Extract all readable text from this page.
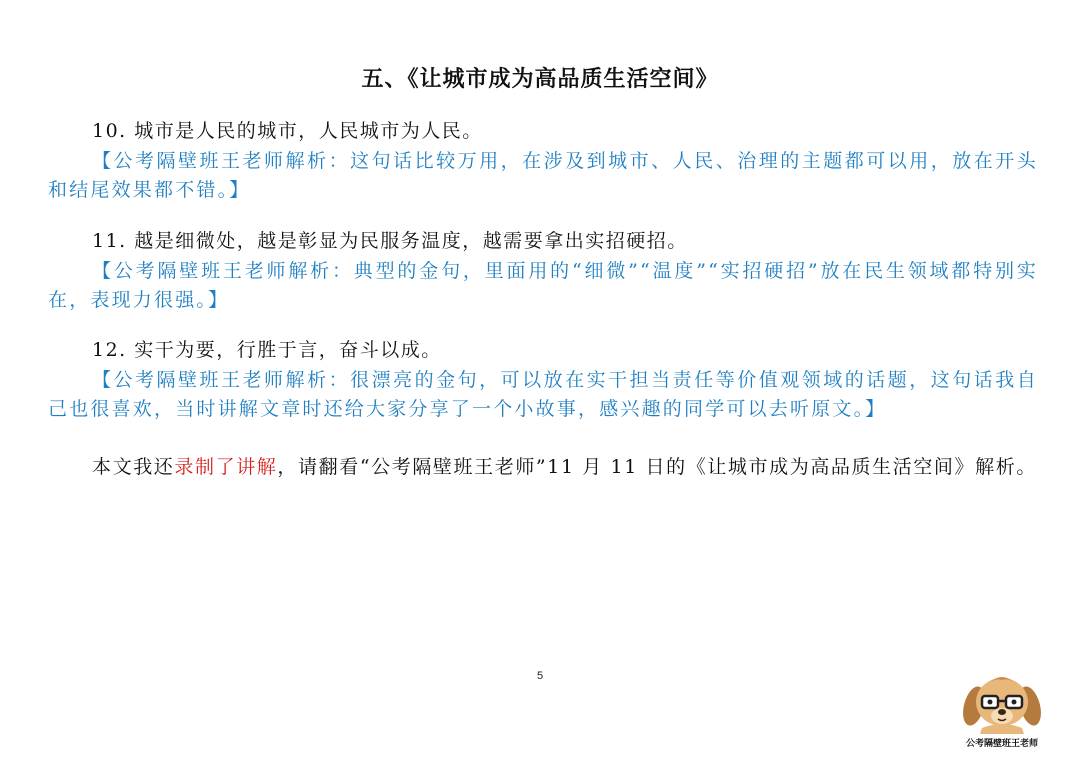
五、《让城市成为高品质生活空间》
10. 城市是人民的城市，人民城市为人民。
【公考隔壁班王老师解析：这句话比较万用，在涉及到城市、人民、治理的主题都可以用，放在开头和结尾效果都不错。】
11. 越是细微处，越是彰显为民服务温度，越需要拿出实招硬招。
【公考隔壁班王老师解析：典型的金句，里面用的“细微”“温度”“实招硬招”放在民生领域都特别实在，表现力很强。】
12. 实干为要，行胜于言，奋斗以成。
【公考隔壁班王老师解析：很漂亮的金句，可以放在实干担当责任等价值观领域的话题，这句话我自己也很喜欢，当时讲解文章时还给大家分享了一个小故事，感兴趣的同学可以去听原文。】
本文我还录制了讲解，请翻看“公考隔壁班王老师”11 月 11 日的《让城市成为高品质生活空间》解析。
5
公考隔壁班王老师
